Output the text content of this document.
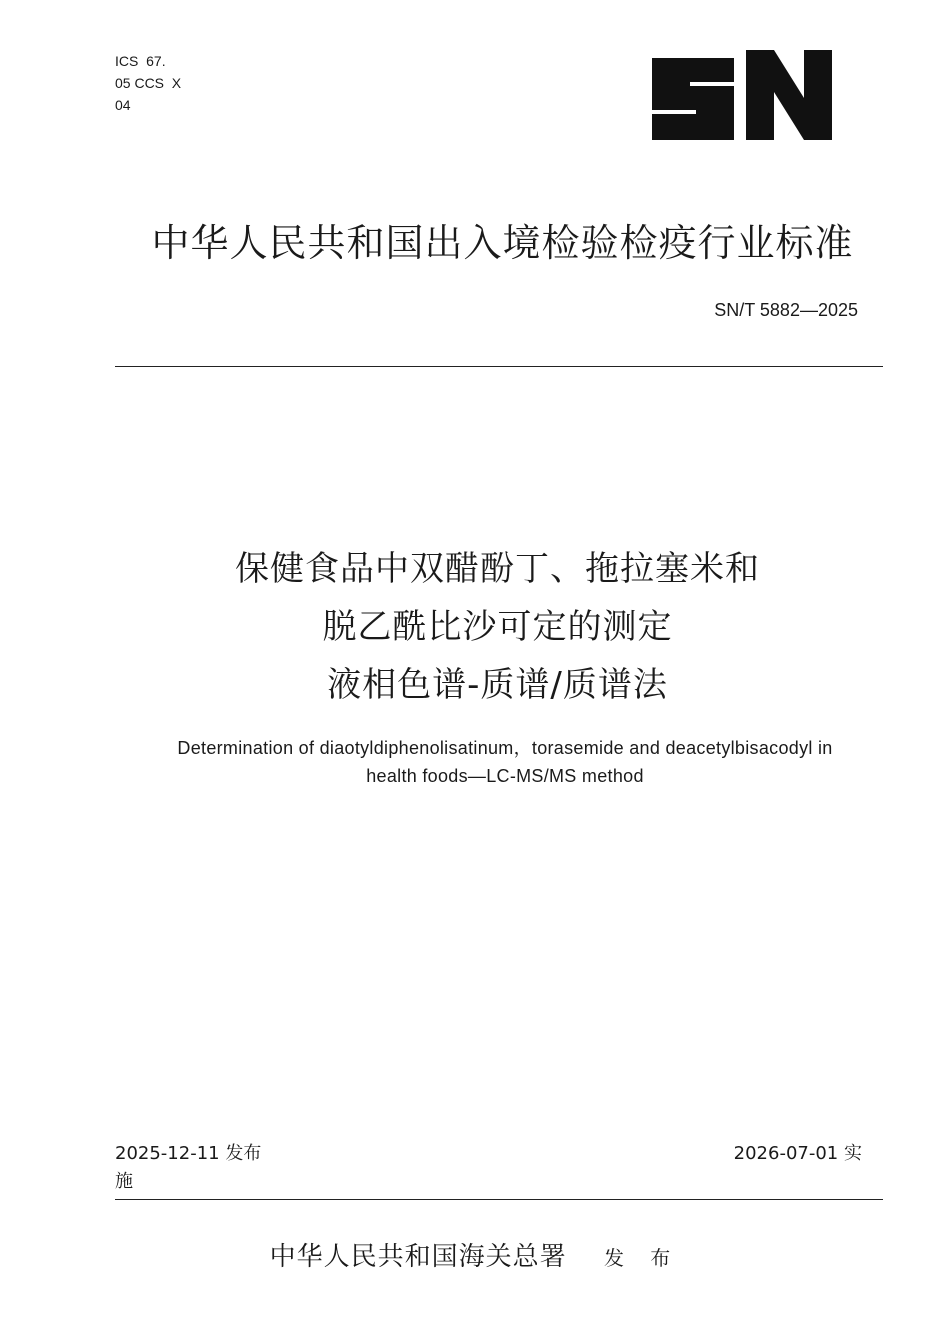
ICS  67.
05 CCS  X
04
中华人民共和国出入境检验检疫行业标准
SN/T 5882—2025
保健食品中双醋酚丁、拖拉塞米和
脱乙酰比沙可定的测定
液相色谱-质谱/质谱法
Determination of diaotyldiphenolisatinum，torasemide and deacetylbisacodyl in
health foods—LC-MS/MS method
2025-12-11 发布
施
2026-07-01 实
中华人民共和国海关总署 发 布
